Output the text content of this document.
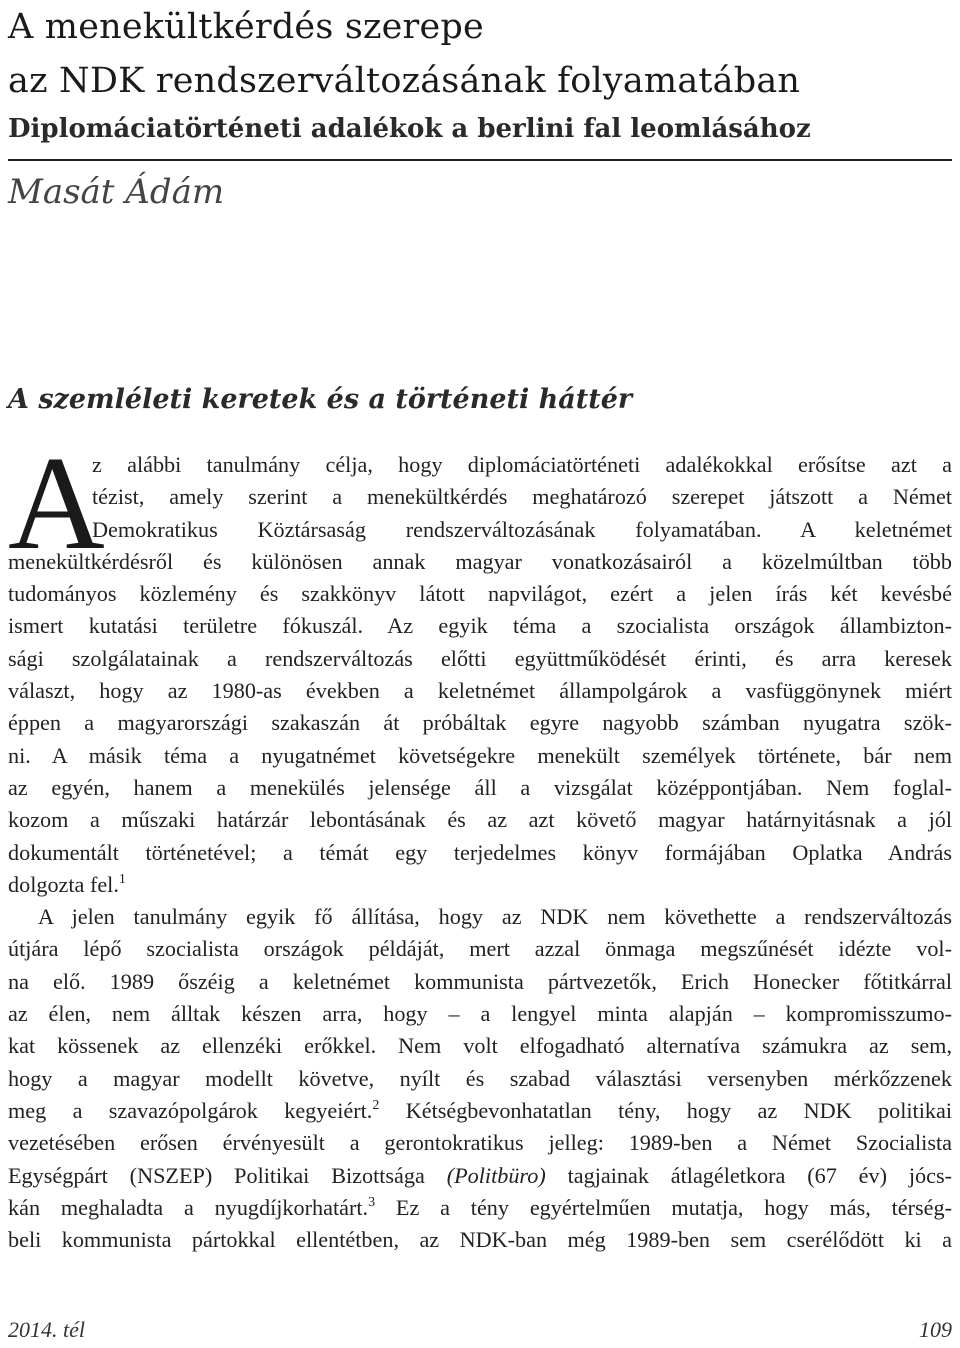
A menekültkérdés szerepe
az NDK rendszerváltozásának folyamatában
Diplomáciatörténeti adalékok a berlini fal leomlásához
Masát Ádám
A szemléleti keretek és a történeti háttér
A
z alábbi tanulmány célja, hogy diplomáciatörténeti adalékokkal erősítse azt a
tézist, amely szerint a menekültkérdés meghatározó szerepet játszott a Német
Demokratikus Köztársaság rendszerváltozásának folyamatában. A keletnémet
menekültkérdésről és különösen annak magyar vonatkozásairól a közelmúltban több
tudományos közlemény és szakkönyv látott napvilágot, ezért a jelen írás két kevésbé
ismert kutatási területre fókuszál. Az egyik téma a szocialista országok állambizton-
sági szolgálatainak a rendszerváltozás előtti együttműködését érinti, és arra keresek
választ, hogy az 1980-as években a keletnémet állampolgárok a vasfüggönynek miért
éppen a magyarországi szakaszán át próbáltak egyre nagyobb számban nyugatra szök-
ni. A másik téma a nyugatnémet követségekre menekült személyek története, bár nem
az egyén, hanem a menekülés jelensége áll a vizsgálat középpontjában. Nem foglal-
kozom a műszaki határzár lebontásának és az azt követő magyar határnyitásnak a jól
dokumentált történetével; a témát egy terjedelmes könyv formájában Oplatka András
dolgozta fel.$^1$
A jelen tanulmány egyik fő állítása, hogy az NDK nem követhette a rendszerváltozás
útjára lépő szocialista országok példáját, mert azzal önmaga megszűnését idézte vol-
na elő. 1989 őszéig a keletnémet kommunista pártvezetők, Erich Honecker főtitkárral
az élen, nem álltak készen arra, hogy – a lengyel minta alapján – kompromisszumo-
kat kössenek az ellenzéki erőkkel. Nem volt elfogadható alternatíva számukra az sem,
hogy a magyar modellt követve, nyílt és szabad választási versenyben mérkőzzenek
meg a szavazópolgárok kegyeiért.$^2$ Kétségbevonhatatlan tény, hogy az NDK politikai
vezetésében erősen érvényesült a gerontokratikus jelleg: 1989-ben a Német Szocialista
Egységpárt (NSZEP) Politikai Bizottsága (Politbüro) tagjainak átlagéletkora (67 év) jócs-
kán meghaladta a nyugdíjkorhatárt.$^3$ Ez a tény egyértelműen mutatja, hogy más, térség-
beli kommunista pártokkal ellentétben, az NDK-ban még 1989-ben sem cserélődött ki a
2014. tél	109
